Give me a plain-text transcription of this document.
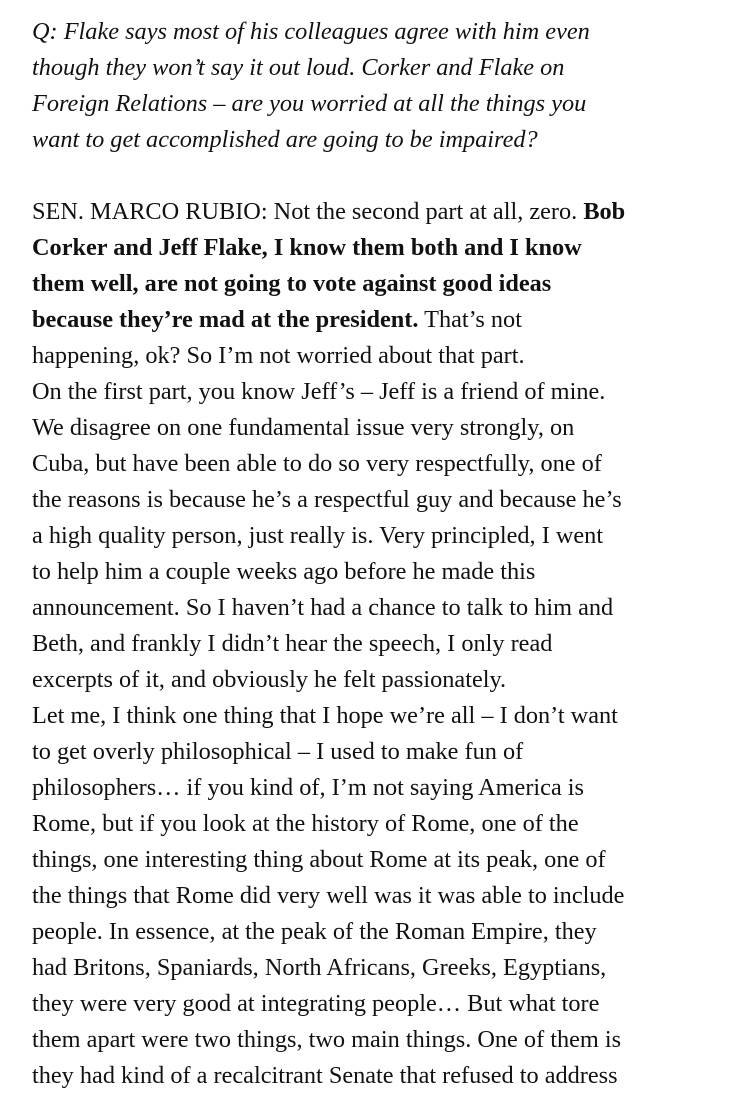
Q: Flake says most of his colleagues agree with him even
though they won’t say it out loud. Corker and Flake on
Foreign Relations – are you worried at all the things you
want to get accomplished are going to be impaired?
SEN. MARCO RUBIO: Not the second part at all, zero. Bob
Corker and Jeff Flake, I know them both and I know
them well, are not going to vote against good ideas
because they’re mad at the president. That’s not
happening, ok? So I’m not worried about that part.
On the first part, you know Jeff’s – Jeff is a friend of mine.
We disagree on one fundamental issue very strongly, on
Cuba, but have been able to do so very respectfully, one of
the reasons is because he’s a respectful guy and because he’s
a high quality person, just really is. Very principled, I went
to help him a couple weeks ago before he made this
announcement. So I haven’t had a chance to talk to him and
Beth, and frankly I didn’t hear the speech, I only read
excerpts of it, and obviously he felt passionately.
Let me, I think one thing that I hope we’re all – I don’t want
to get overly philosophical – I used to make fun of
philosophers… if you kind of, I’m not saying America is
Rome, but if you look at the history of Rome, one of the
things, one interesting thing about Rome at its peak, one of
the things that Rome did very well was it was able to include
people. In essence, at the peak of the Roman Empire, they
had Britons, Spaniards, North Africans, Greeks, Egyptians,
they were very good at integrating people… But what tore
them apart were two things, two main things. One of them is
they had kind of a recalcitrant Senate that refused to address
